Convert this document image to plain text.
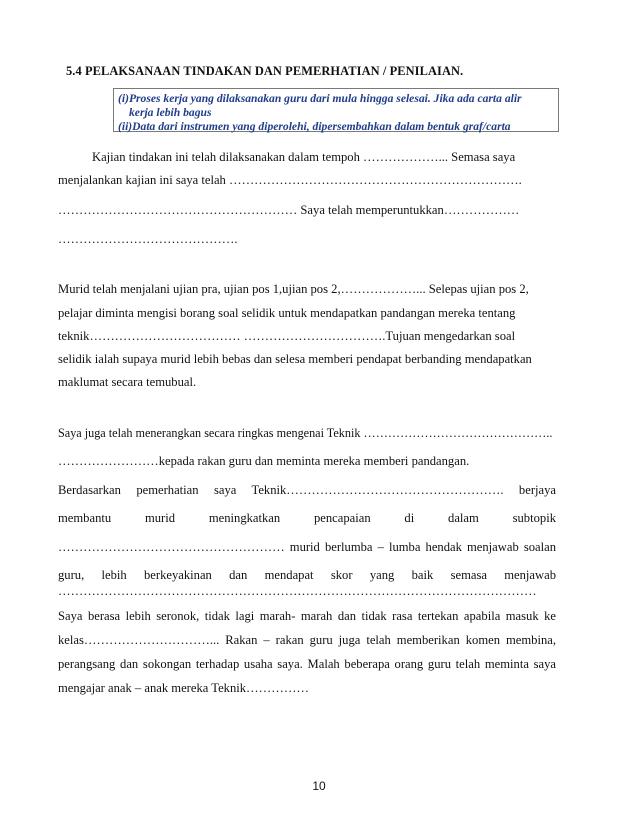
5.4 PELAKSANAAN TINDAKAN DAN PEMERHATIAN / PENILAIAN.
(i)Proses kerja yang dilaksanakan guru dari mula hingga selesai. Jika ada carta alir
kerja lebih bagus
(ii)Data dari instrumen yang diperolehi, dipersembahkan dalam bentuk graf/carta
Kajian tindakan ini telah dilaksanakan dalam tempoh ………………... Semasa saya
menjalankan kajian ini saya telah …………………………………………………………….
………………………………………………… Saya telah memperuntukkan………………
…………………………………….
Murid telah menjalani ujian pra, ujian pos 1,ujian pos 2,………………... Selepas ujian pos 2,
pelajar diminta mengisi borang soal selidik untuk mendapatkan pandangan mereka tentang
teknik……………………………… …………………………….Tujuan mengedarkan soal
selidik ialah supaya murid lebih bebas dan selesa memberi pendapat berbanding mendapatkan
maklumat secara temubual.
Saya juga telah menerangkan secara ringkas mengenai Teknik ………………………………………..
……………………kepada rakan guru dan meminta mereka memberi pandangan.
Berdasarkan pemerhatian saya Teknik……………………………………………. berjaya
membantu murid meningkatkan pencapaian di dalam subtopik
……………………………………………… murid berlumba – lumba hendak menjawab soalan
guru, lebih berkeyakinan dan mendapat skor yang baik semasa menjawab
……………………………………………………………………………………………………
Saya berasa lebih seronok, tidak lagi marah- marah dan tidak rasa tertekan apabila masuk ke
kelas…………………………... Rakan – rakan guru juga telah memberikan komen membina,
perangsang dan sokongan terhadap usaha saya. Malah beberapa orang guru telah meminta saya
mengajar anak – anak mereka Teknik……………
10
